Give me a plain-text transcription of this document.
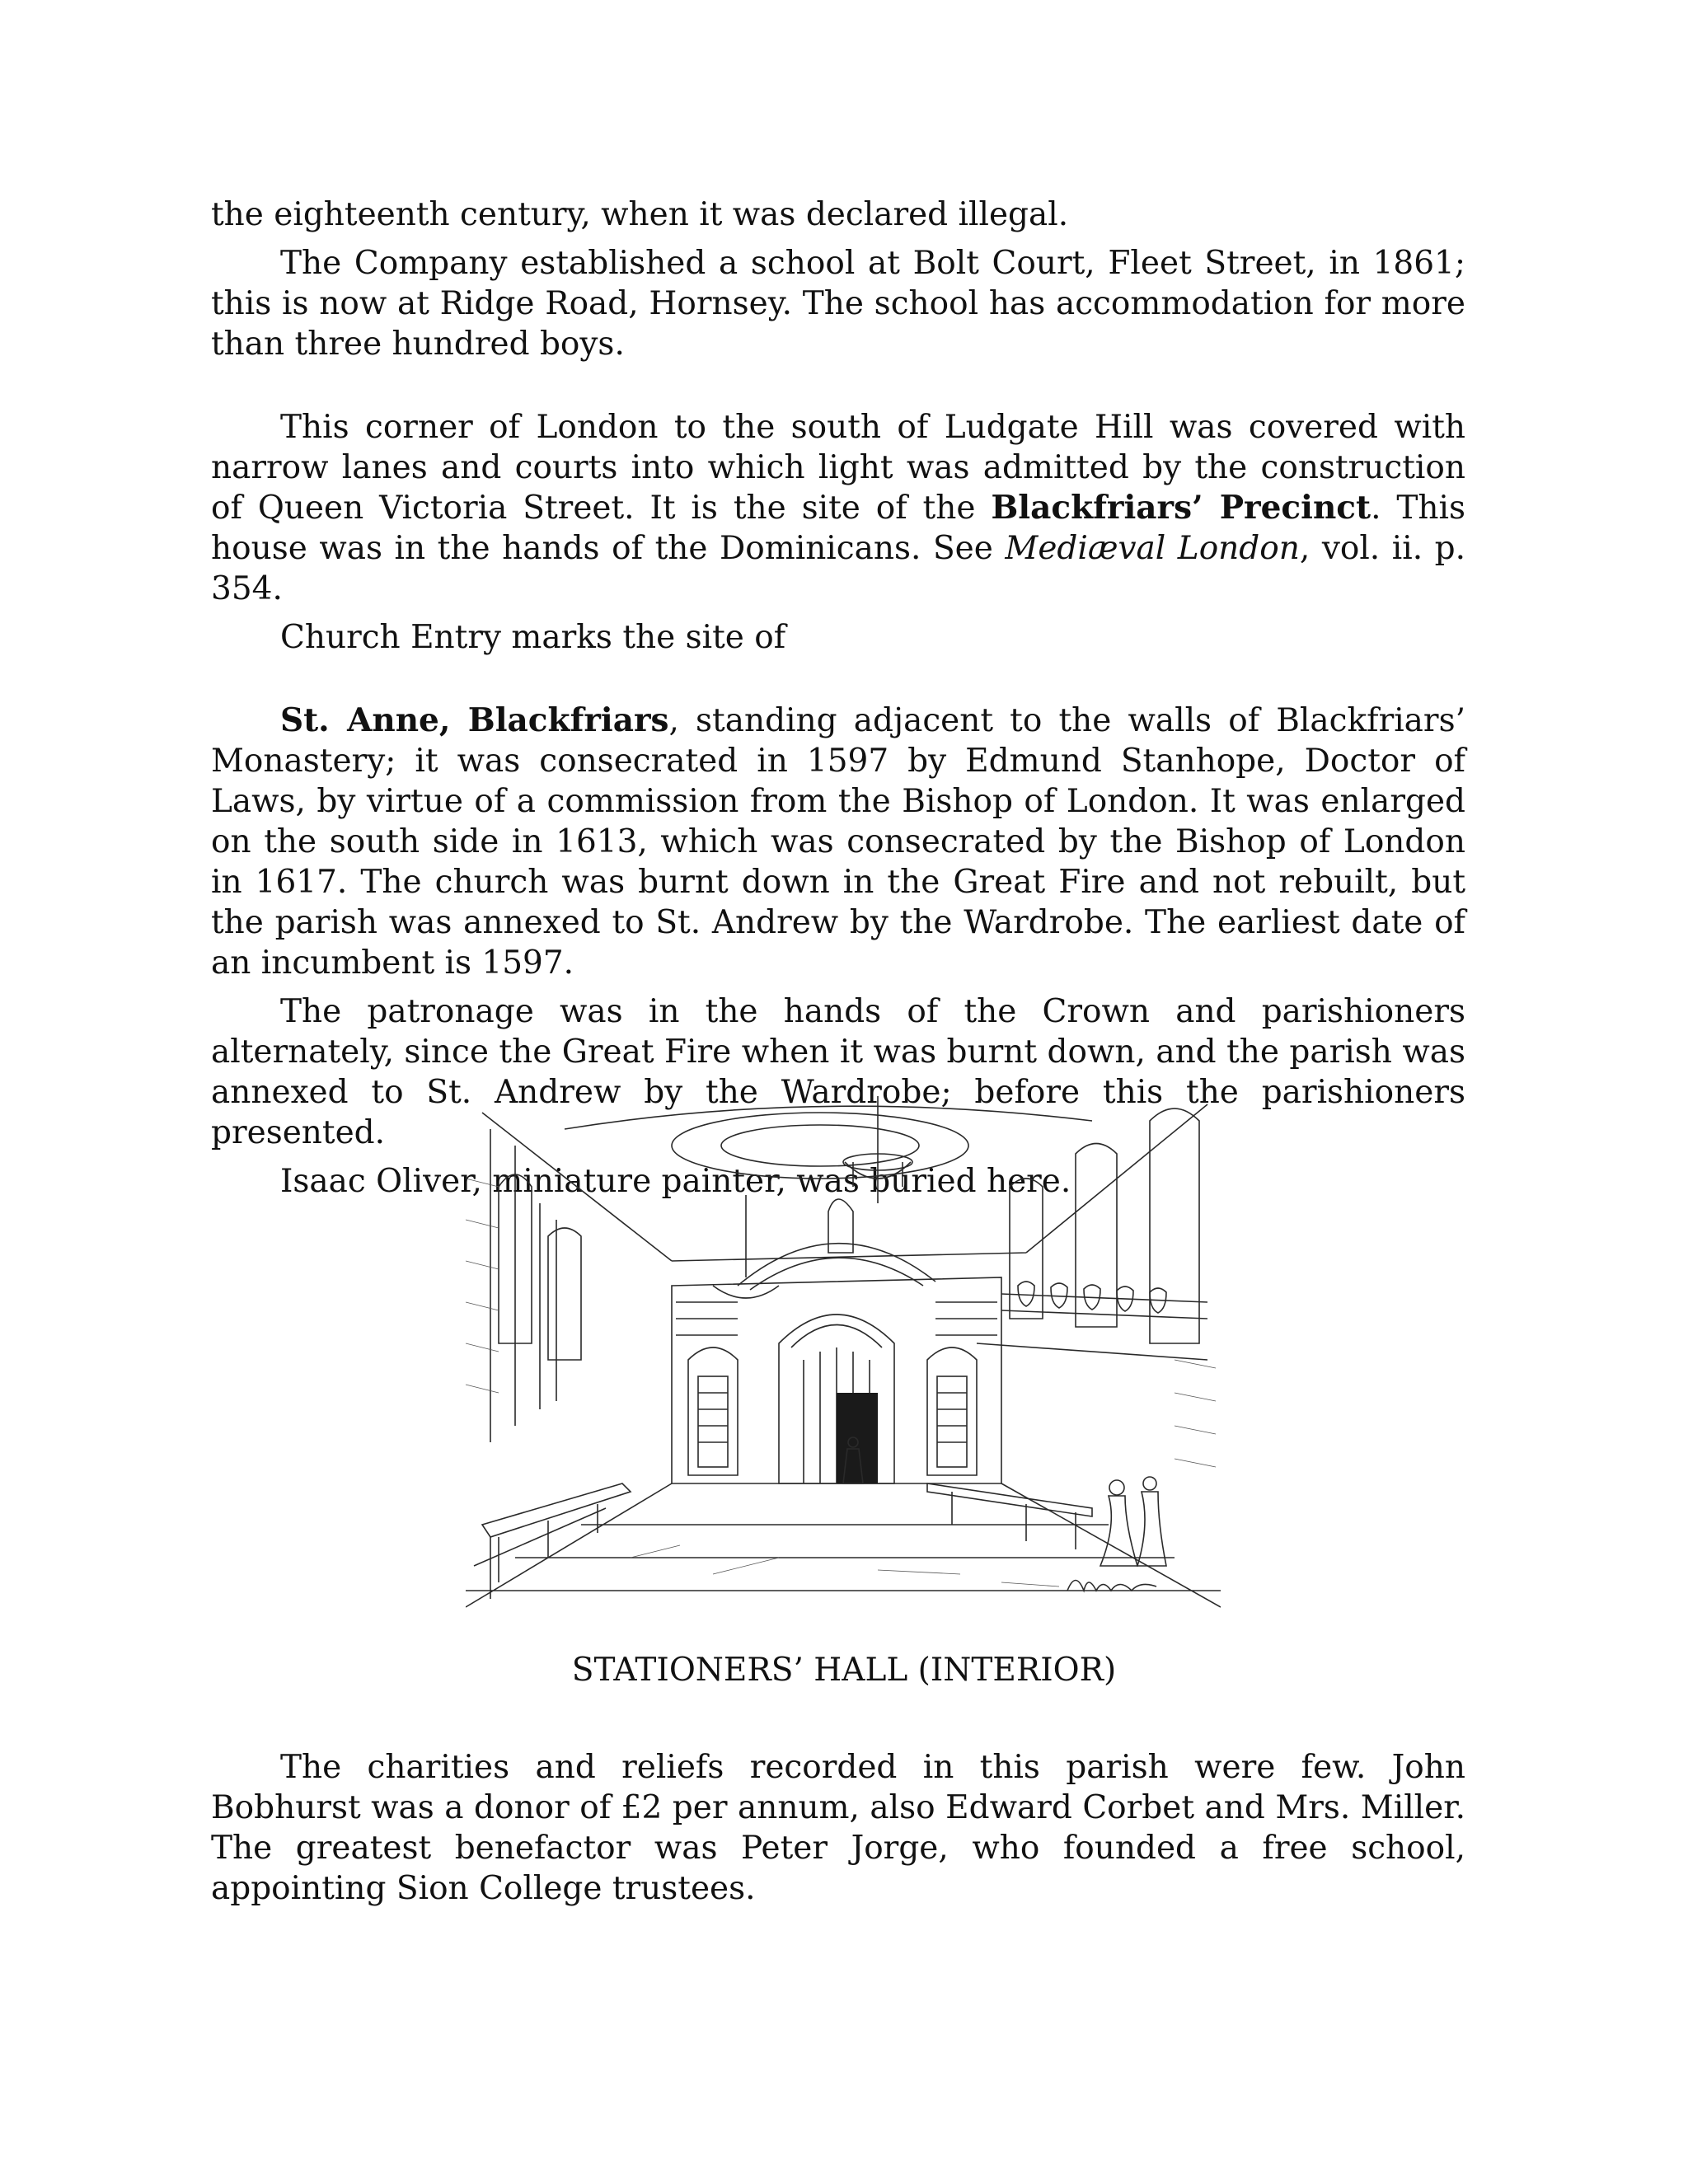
the eighteenth century, when it was declared illegal.

The Company established a school at Bolt Court, Fleet Street, in 1861; this is now at Ridge Road, Hornsey. The school has accommodation for more than three hundred boys.

This corner of London to the south of Ludgate Hill was covered with narrow lanes and courts into which light was admitted by the construction of Queen Victoria Street. It is the site of the Blackfriars’ Precinct. This house was in the hands of the Dominicans. See Mediæval London, vol. ii. p. 354.

Church Entry marks the site of

St. Anne, Blackfriars, standing adjacent to the walls of Blackfriars’ Monastery; it was consecrated in 1597 by Edmund Stanhope, Doctor of Laws, by virtue of a commission from the Bishop of London. It was enlarged on the south side in 1613, which was consecrated by the Bishop of London in 1617. The church was burnt down in the Great Fire and not rebuilt, but the parish was annexed to St. Andrew by the Wardrobe. The earliest date of an incumbent is 1597.

The patronage was in the hands of the Crown and parishioners alternately, since the Great Fire when it was burnt down, and the parish was annexed to St. Andrew by the Wardrobe; before this the parishioners presented.

Isaac Oliver, miniature painter, was buried here.

STATIONERS’ HALL (INTERIOR)

The charities and reliefs recorded in this parish were few. John Bobhurst was a donor of £2 per annum, also Edward Corbet and Mrs. Miller. The greatest benefactor was Peter Jorge, who founded a free school, appointing Sion College trustees.
